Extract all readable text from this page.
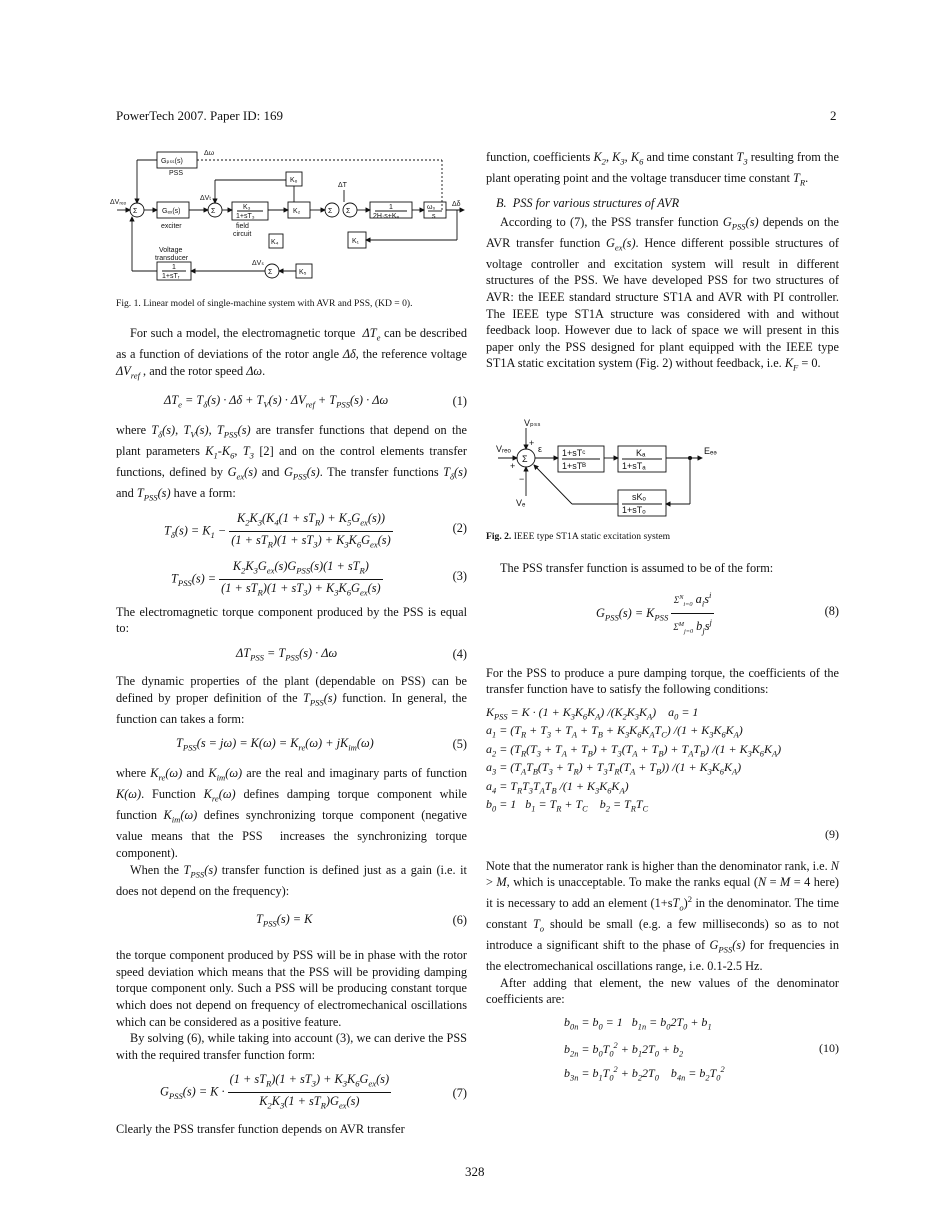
PowerTech 2007. Paper ID: 169	2
Gₚₛₛ(s)
PSS
Δω
Gₑₓ(s)
exciter
K₆
K₃
1+sT₃
field
circuit
K₂
K₄
ΔT
K₁
K₅
1
2H·s+Kₑ
ω₀
s
Voltage
transducer
1
1+sTᵣ
ΔVᵣₑₒ
ΔVₜ
Δδ
ΔVₛ
Σ	Σ	Σ Σ
Σ
Fig. 1. Linear model of single-machine system with AVR and PSS, (KD = 0).

For such a model, the electromagnetic torque  $\Delta T_e$ can be described as a function of deviations of the rotor angle Δδ, the reference voltage $\Delta V_{ref}$ , and the rotor speed Δω.

$\Delta T_e = T_\delta(s) \cdot \Delta\delta + T_V(s) \cdot \Delta V_{ref} + T_{PSS}(s) \cdot \Delta\omega$	(1)

where $T_\delta(s)$, $T_V(s)$, $T_{PSS}(s)$ are transfer functions that depend on the plant parameters $K_1-K_6$, $T_3$ [2] and on the control elements transfer functions, defined by $G_{ex}(s)$ and $G_{PSS}(s)$. The transfer functions $T_\delta(s)$ and $T_{PSS}(s)$ have a form:

$T_\delta(s) = K_1 - \frac{K_2K_3(K_4(1 + sT_R) + K_5G_{ex}(s))}{(1 + sT_R)(1 + sT_3) + K_3K_6G_{ex}(s)}$	(2)
$T_{PSS}(s) = \frac{K_2K_3G_{ex}(s)G_{PSS}(s)(1 + sT_R)}{(1 + sT_R)(1 + sT_3) + K_3K_6G_{ex}(s)}$	(3)

The electromagnetic torque component produced by the PSS is equal to:

$\Delta T_{PSS} = T_{PSS}(s) \cdot \Delta\omega$	(4)

The dynamic properties of the plant (dependable on PSS) can be defined by proper definition of the $T_{PSS}(s)$ function. In general, the function can takes a form:

$T_{PSS}(s = j\omega) = K(\omega) = K_{re}(\omega) + jK_{im}(\omega)$	(5)

where $K_{re}(\omega)$ and $K_{im}(\omega)$ are the real and imaginary parts of function K(ω). Function $K_{re}(\omega)$ defines damping torque component while function $K_{im}(\omega)$ defines synchronizing torque component (negative value means that the PSS  increases the synchronizing torque component).

When the $T_{PSS}(s)$ transfer function is defined just as a gain (i.e. it does not depend on the frequency):

$T_{PSS}(s) = K$	(6)

the torque component produced by PSS will be in phase with the rotor speed deviation which means that the PSS will be providing damping torque component only. Such a PSS will be producing constant torque which does not depend on frequency of electromechanical oscillations which can be considered as a positive feature.

By solving (6), while taking into account (3), we can derive the PSS with the required transfer function form:

$G_{PSS}(s) = K \cdot \frac{(1 + sT_R)(1 + sT_3) + K_3K_6G_{ex}(s)}{K_2K_3(1 + sT_R)G_{ex}(s)}$	(7)

Clearly the PSS transfer function depends on AVR transfer

function, coefficients $K_2$, $K_3$, $K_6$ and time constant $T_3$ resulting from the plant operating point and the voltage transducer time constant $T_R$.

B.  PSS for various structures of AVR

According to (7), the PSS transfer function $G_{PSS}(s)$ depends on the AVR transfer function $G_{ex}(s)$. Hence different possible structures of voltage controller and excitation system will result in different structures of the PSS. We have developed PSS for two structures of AVR: the IEEE standard structure ST1A and AVR with PI controller. The IEEE type ST1A structure was considered with and without feedback loop. However due to lack of space we will present in this paper only the PSS designed for plant equipped with the IEEE type ST1A static excitation system (Fig. 2) without feedback, i.e. $K_F = 0$.

Vₚₛₛ
Vᵣₑₒ
Vₑ
Eₑₔ
1+sTᶜ
1+sTᴮ
Kₐ
1+sTₐ
sKₒ
1+sTₒ
Σ
ε
+
+
−
Fig. 2. IEEE type ST1A static excitation system

The PSS transfer function is assumed to be of the form:

$G_{PSS}(s) = K_{PSS} \frac{\Sigma^N_{i=0} a_is^i}{\Sigma^M_{j=0} b_js^j}$	(8)

For the PSS to produce a pure damping torque, the coefficients of the transfer function have to satisfy the following conditions:

$K_{PSS} = K \cdot (1 + K_3K_6K_A)$ $/(K_2K_3K_A)$    $a_0 = 1$
$a_1 = (T_R + T_3 + T_A + T_B + K_3K_6K_AT_C) /(1 + K_3K_6K_A)$
$a_2 = (T_R(T_3 + T_A + T_B) + T_3(T_A + T_B) + T_AT_B) /(1 + K_3K_6K_A)$
$a_3 = (T_AT_B(T_3 + T_R) + T_3T_R(T_A + T_B)) /(1 + K_3K_6K_A)$
$a_4 = T_RT_3T_AT_B$ $/(1 + K_3K_6K_A)$
$b_0 = 1$   $b_1 = T_R + T_C$    $b_2 = T_RT_C$
(9)

Note that the numerator rank is higher than the denominator rank, i.e. N > M, which is unacceptable. To make the ranks equal (N = M = 4 here) it is necessary to add an element $(1+sT_o)^2$ in the denominator. The time constant $T_o$ should be small (e.g. a few milliseconds) so as to not introduce a significant shift to the phase of $G_{PSS}(s)$ for frequencies in the electromechanical oscillations range, i.e. 0.1-2.5 Hz.

After adding that element, the new values of the denominator coefficients are:

$b_{0n} = b_0 = 1$   $b_{1n} = b_02T_0 + b_1$
$b_{2n} = b_0T_0^2 + b_12T_0 + b_2$
$b_{3n} = b_1T_0^2 + b_22T_0$    $b_{4n} = b_2T_0^2$
(10)
328
